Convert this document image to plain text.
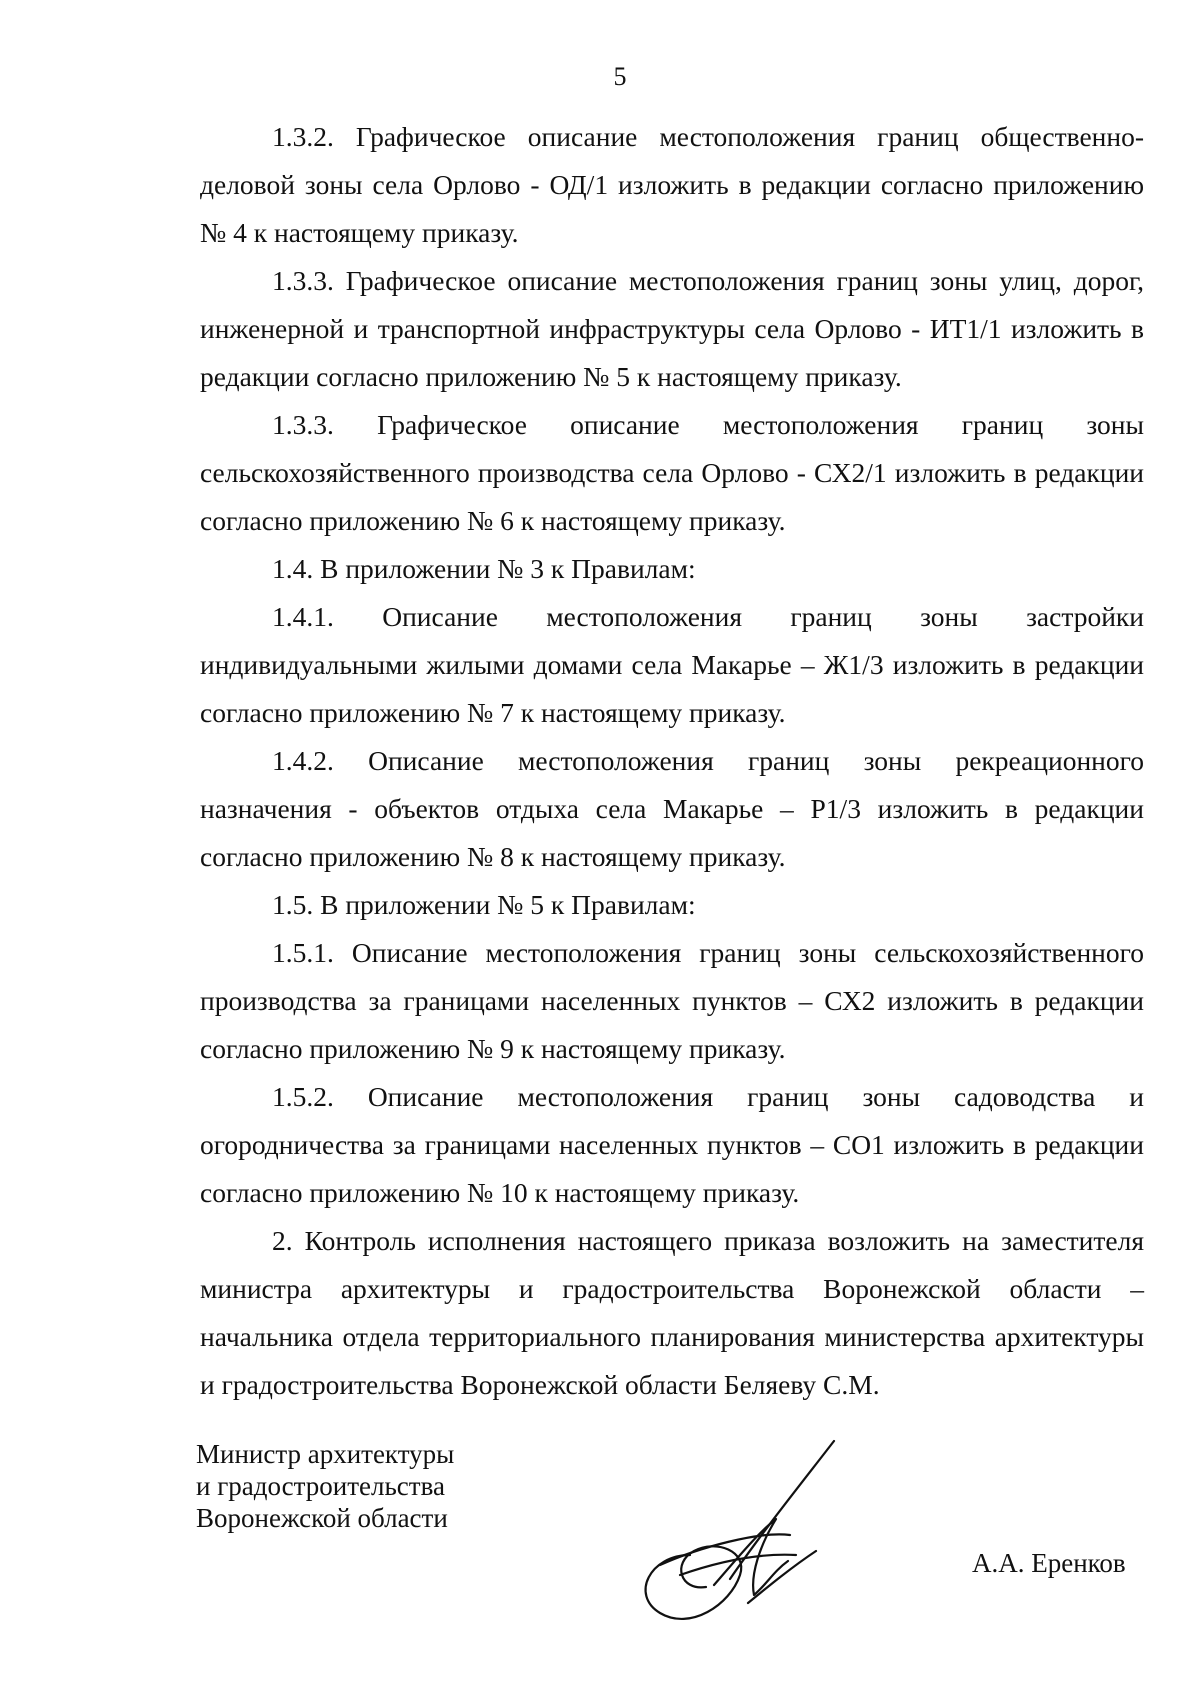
5

1.3.2. Графическое описание местоположения границ общественно-деловой зоны села Орлово - ОД/1 изложить в редакции согласно приложению № 4 к настоящему приказу.

1.3.3. Графическое описание местоположения границ зоны улиц, дорог, инженерной и транспортной инфраструктуры села Орлово - ИТ1/1 изложить в редакции согласно приложению № 5 к настоящему приказу.

1.3.3. Графическое описание местоположения границ зоны сельскохозяйственного производства села Орлово - СХ2/1 изложить в редакции согласно приложению № 6 к настоящему приказу.

1.4. В приложении № 3 к Правилам:

1.4.1. Описание местоположения границ зоны застройки индивидуальными жилыми домами села Макарье – Ж1/3 изложить в редакции согласно приложению № 7 к настоящему приказу.

1.4.2. Описание местоположения границ зоны рекреационного назначения - объектов отдыха села Макарье – Р1/3 изложить в редакции согласно приложению № 8 к настоящему приказу.

1.5. В приложении № 5 к Правилам:

1.5.1. Описание местоположения границ зоны сельскохозяйственного производства за границами населенных пунктов – СХ2 изложить в редакции согласно приложению № 9 к настоящему приказу.

1.5.2. Описание местоположения границ зоны садоводства и огородничества за границами населенных пунктов – СО1 изложить в редакции согласно приложению № 10 к настоящему приказу.

2. Контроль исполнения настоящего приказа возложить на заместителя министра архитектуры и градостроительства Воронежской области – начальника отдела территориального планирования министерства архитектуры и градостроительства Воронежской области Беляеву С.М.

Министр архитектуры
и градостроительства
Воронежской области
А.А. Еренков
